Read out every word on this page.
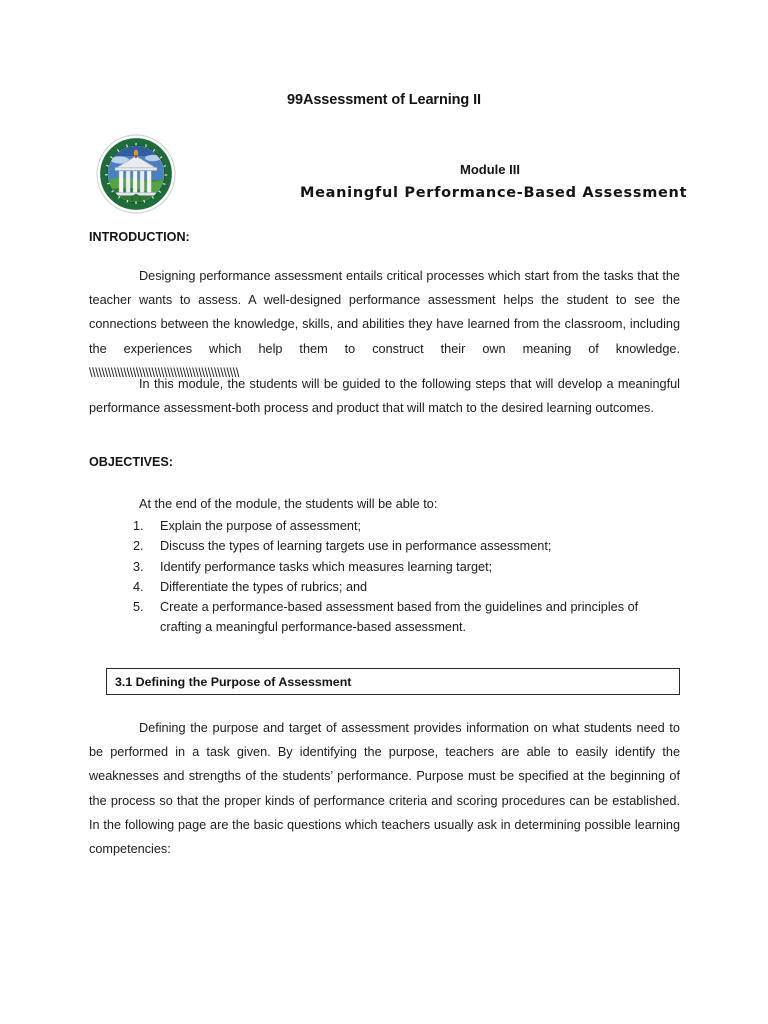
99Assessment of Learning II
Module III
Meaningful Performance-Based Assessment
INTRODUCTION:

Designing performance assessment entails critical processes which start from the tasks that the teacher wants to assess. A well-designed performance assessment helps the student to see the connections between the knowledge, skills, and abilities they have learned from the classroom, including the experiences which help them to construct their own meaning of knowledge. \\\\\\\\\\\\\\\\\\\\\\\\\\\\\\\\\\\\\\\\\\\\\\\\

In this module, the students will be guided to the following steps that will develop a meaningful performance assessment-both process and product that will match to the desired learning outcomes.

OBJECTIVES:
At the end of the module, the students will be able to:
1.	Explain the purpose of assessment;
2.	Discuss the types of learning targets use in performance assessment;
3.	Identify performance tasks which measures learning target;
4.	Differentiate the types of rubrics; and
5.	Create a performance-based assessment based from the guidelines and principles of crafting a meaningful performance-based assessment.
3.1 Defining the Purpose of Assessment

Defining the purpose and target of assessment provides information on what students need to be performed in a task given. By identifying the purpose, teachers are able to easily identify the weaknesses and strengths of the students’ performance. Purpose must be specified at the beginning of the process so that the proper kinds of performance criteria and scoring procedures can be established. In the following page are the basic questions which teachers usually ask in determining possible learning competencies:
